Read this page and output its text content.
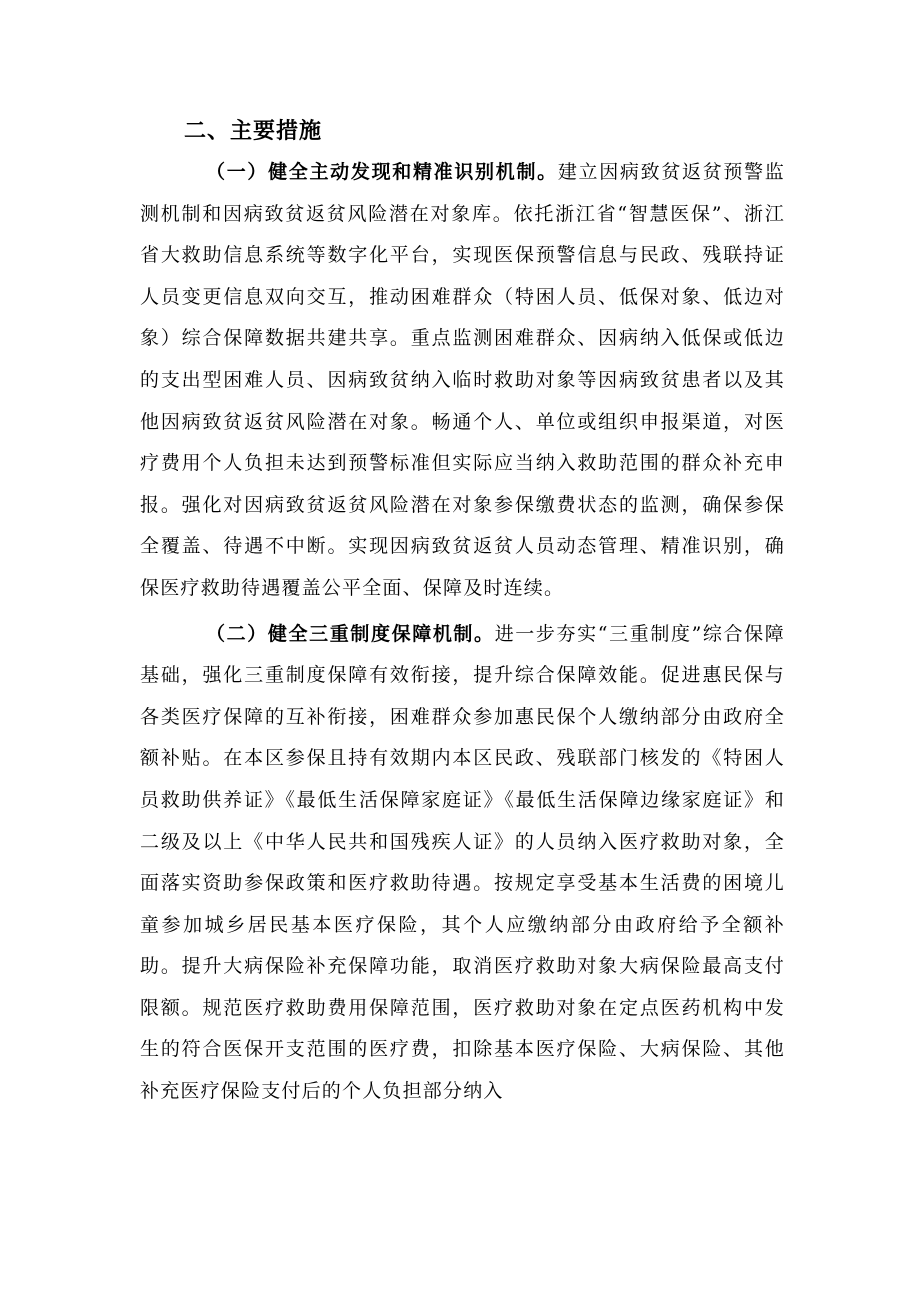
二、主要措施

（一）健全主动发现和精准识别机制。建立因病致贫返贫预警监测机制和因病致贫返贫风险潜在对象库。依托浙江省“智慧医保”、浙江省大救助信息系统等数字化平台，实现医保预警信息与民政、残联持证人员变更信息双向交互，推动困难群众（特困人员、低保对象、低边对象）综合保障数据共建共享。重点监测困难群众、因病纳入低保或低边的支出型困难人员、因病致贫纳入临时救助对象等因病致贫患者以及其他因病致贫返贫风险潜在对象。畅通个人、单位或组织申报渠道，对医疗费用个人负担未达到预警标准但实际应当纳入救助范围的群众补充申报。强化对因病致贫返贫风险潜在对象参保缴费状态的监测，确保参保全覆盖、待遇不中断。实现因病致贫返贫人员动态管理、精准识别，确保医疗救助待遇覆盖公平全面、保障及时连续。

（二）健全三重制度保障机制。进一步夯实“三重制度”综合保障基础，强化三重制度保障有效衔接，提升综合保障效能。促进惠民保与各类医疗保障的互补衔接，困难群众参加惠民保个人缴纳部分由政府全额补贴。在本区参保且持有效期内本区民政、残联部门核发的《特困人员救助供养证》《最低生活保障家庭证》《最低生活保障边缘家庭证》和二级及以上《中华人民共和国残疾人证》的人员纳入医疗救助对象，全面落实资助参保政策和医疗救助待遇。按规定享受基本生活费的困境儿童参加城乡居民基本医疗保险，其个人应缴纳部分由政府给予全额补助。提升大病保险补充保障功能，取消医疗救助对象大病保险最高支付限额。规范医疗救助费用保障范围，医疗救助对象在定点医药机构中发生的符合医保开支范围的医疗费，扣除基本医疗保险、大病保险、其他补充医疗保险支付后的个人负担部分纳入
